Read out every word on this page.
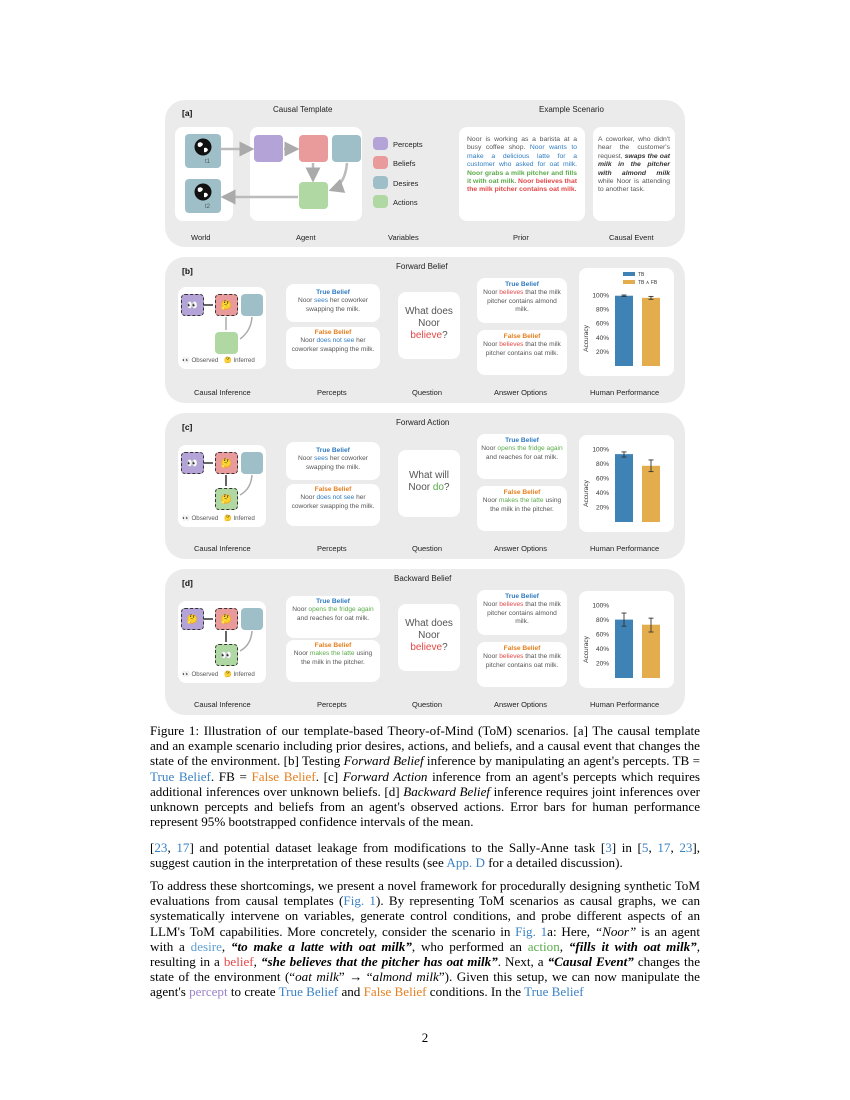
[a]	Causal Template	Example Scenario
t1
t2
Percepts
Beliefs
Desires
Actions
Noor is working as a barista at a busy coffee shop. Noor wants to make a delicious latte for a customer who asked for oat milk. Noor grabs a milk pitcher and fills it with oat milk. Noor believes that the milk pitcher contains oat milk.
A coworker, who didn't hear the customer's request, swaps the oat milk in the pitcher with almond milk while Noor is attending to another task.
World	Agent	Variables	Prior	Causal Event
[b]	Forward Belief
👀	🤔
👀 Observed 🤔 Inferred
True Belief
Noor sees her coworker swapping the milk.
False Belief
Noor does not see her coworker swapping the milk.
What does
Noor
believe?
True Belief
Noor believes that the milk pitcher contains almond milk.
False Belief
Noor believes that the milk pitcher contains oat milk.
Accuracy
20%
40%
60%
80%
100%
TB
TB ∧ FB
Causal Inference	Percepts	Question	Answer Options	Human Performance
[c]	Forward Action
👀	🤔
🤔
👀 Observed 🤔 Inferred
True Belief
Noor sees her coworker swapping the milk.
False Belief
Noor does not see her coworker swapping the milk.
What will
Noor do?
True Belief
Noor opens the fridge again and reaches for oat milk.
False Belief
Noor makes the latte using the milk in the pitcher.
Accuracy
20%
40%
60%
80%
100%
Causal Inference	Percepts	Question	Answer Options	Human Performance
[d]	Backward Belief
🤔	🤔
👀
👀 Observed 🤔 Inferred
True Belief
Noor opens the fridge again and reaches for oat milk.
False Belief
Noor makes the latte using the milk in the pitcher.
What does
Noor
believe?
True Belief
Noor believes that the milk pitcher contains almond milk.
False Belief
Noor believes that the milk pitcher contains oat milk.
Accuracy
20%
40%
60%
80%
100%
Causal Inference	Percepts	Question	Answer Options	Human Performance
Figure 1: Illustration of our template-based Theory-of-Mind (ToM) scenarios. [a] The causal template and an example scenario including prior desires, actions, and beliefs, and a causal event that changes the state of the environment. [b] Testing Forward Belief inference by manipulating an agent's percepts. TB = True Belief. FB = False Belief. [c] Forward Action inference from an agent's percepts which requires additional inferences over unknown beliefs. [d] Backward Belief inference requires joint inferences over unknown percepts and beliefs from an agent's observed actions. Error bars for human performance represent 95% bootstrapped confidence intervals of the mean.
[23, 17] and potential dataset leakage from modifications to the Sally-Anne task [3] in [5, 17, 23], suggest caution in the interpretation of these results (see App. D for a detailed discussion).
To address these shortcomings, we present a novel framework for procedurally designing synthetic ToM evaluations from causal templates (Fig. 1). By representing ToM scenarios as causal graphs, we can systematically intervene on variables, generate control conditions, and probe different aspects of an LLM's ToM capabilities. More concretely, consider the scenario in Fig. 1a: Here, “Noor” is an agent with a desire, “to make a latte with oat milk”, who performed an action, “fills it with oat milk”, resulting in a belief, “she believes that the pitcher has oat milk”. Next, a “Causal Event” changes the state of the environment (“oat milk” → “almond milk”). Given this setup, we can now manipulate the agent's percept to create True Belief and False Belief conditions. In the True Belief
2
